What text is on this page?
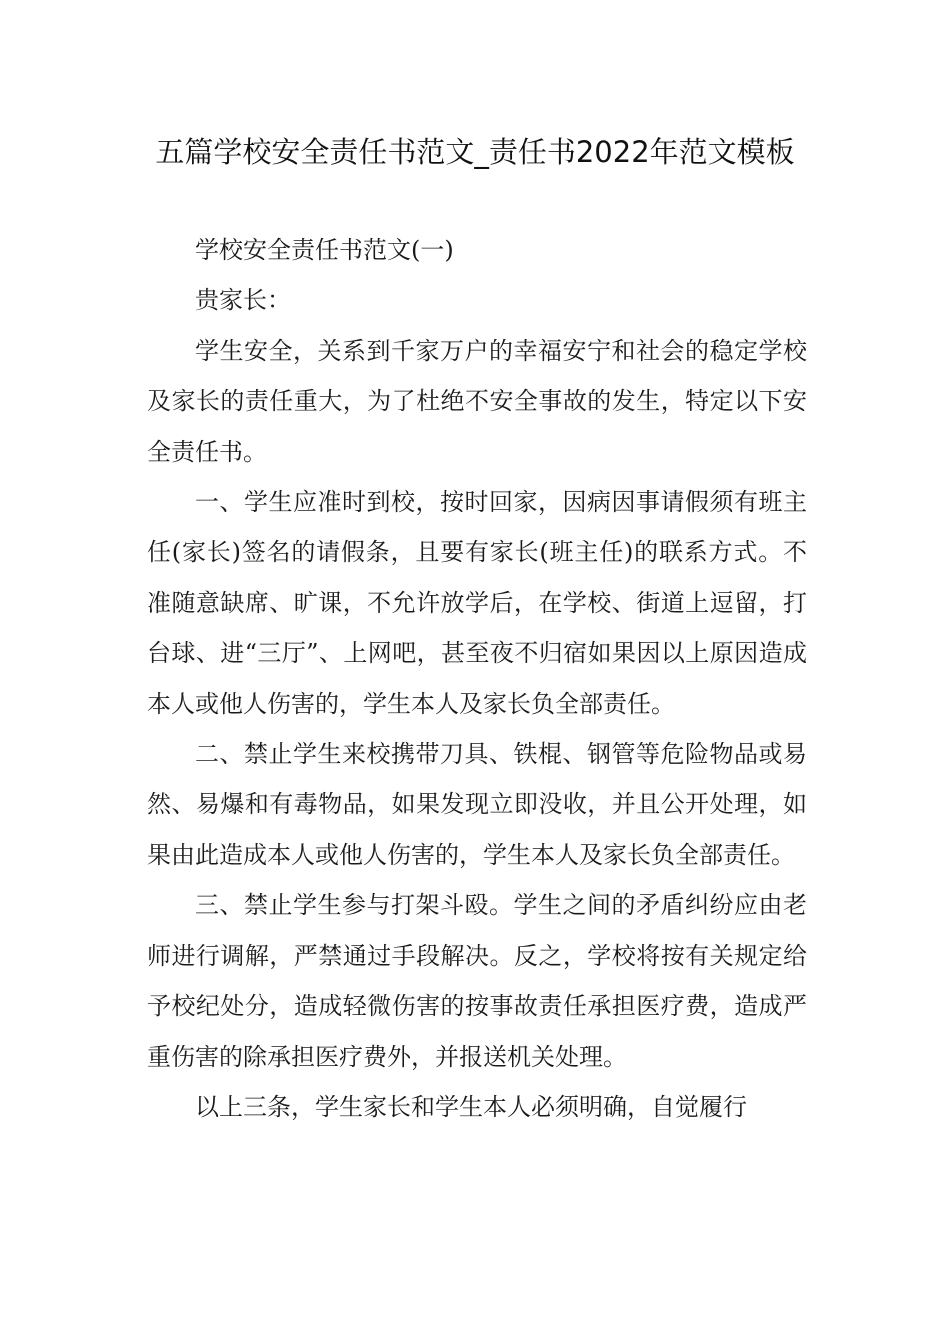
五篇学校安全责任书范文_责任书2022年范文模板

学校安全责任书范文(一)

贵家长：

学生安全，关系到千家万户的幸福安宁和社会的稳定学校及家长的责任重大，为了杜绝不安全事故的发生，特定以下安全责任书。

一、学生应准时到校，按时回家，因病因事请假须有班主任(家长)签名的请假条，且要有家长(班主任)的联系方式。不准随意缺席、旷课，不允许放学后，在学校、街道上逗留，打台球、进“三厅”、上网吧，甚至夜不归宿如果因以上原因造成本人或他人伤害的，学生本人及家长负全部责任。

二、禁止学生来校携带刀具、铁棍、钢管等危险物品或易然、易爆和有毒物品，如果发现立即没收，并且公开处理，如果由此造成本人或他人伤害的，学生本人及家长负全部责任。

三、禁止学生参与打架斗殴。学生之间的矛盾纠纷应由老师进行调解，严禁通过手段解决。反之，学校将按有关规定给予校纪处分，造成轻微伤害的按事故责任承担医疗费，造成严重伤害的除承担医疗费外，并报送机关处理。

以上三条，学生家长和学生本人必须明确，自觉履行
